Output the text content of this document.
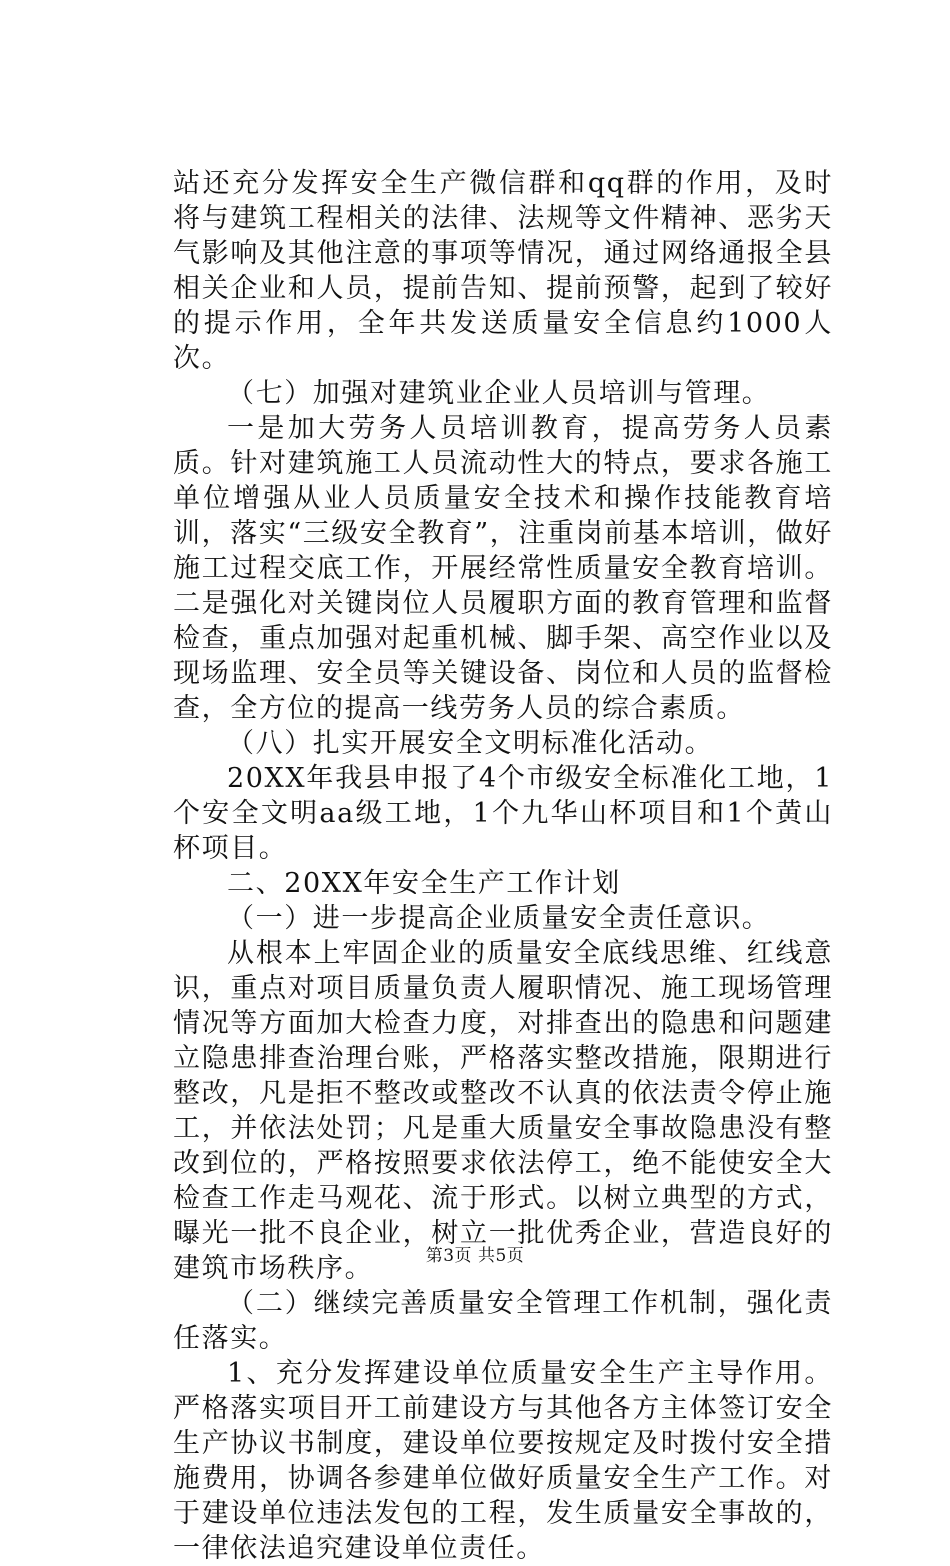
站还充分发挥安全生产微信群和qq群的作用，及时将与建筑工程相关的法律、法规等文件精神、恶劣天气影响及其他注意的事项等情况，通过网络通报全县相关企业和人员，提前告知、提前预警，起到了较好的提示作用，全年共发送质量安全信息约1000人次。

（七）加强对建筑业企业人员培训与管理。

一是加大劳务人员培训教育，提高劳务人员素质。针对建筑施工人员流动性大的特点，要求各施工单位增强从业人员质量安全技术和操作技能教育培训，落实“三级安全教育”，注重岗前基本培训，做好施工过程交底工作，开展经常性质量安全教育培训。二是强化对关键岗位人员履职方面的教育管理和监督检查，重点加强对起重机械、脚手架、高空作业以及现场监理、安全员等关键设备、岗位和人员的监督检查，全方位的提高一线劳务人员的综合素质。

（八）扎实开展安全文明标准化活动。

20XX年我县申报了4个市级安全标准化工地，1个安全文明aa级工地，1个九华山杯项目和1个黄山杯项目。

二、20XX年安全生产工作计划

（一）进一步提高企业质量安全责任意识。

从根本上牢固企业的质量安全底线思维、红线意识，重点对项目质量负责人履职情况、施工现场管理情况等方面加大检查力度，对排查出的隐患和问题建立隐患排查治理台账，严格落实整改措施，限期进行整改，凡是拒不整改或整改不认真的依法责令停止施工，并依法处罚；凡是重大质量安全事故隐患没有整改到位的，严格按照要求依法停工，绝不能使安全大检查工作走马观花、流于形式。以树立典型的方式，曝光一批不良企业，树立一批优秀企业，营造良好的建筑市场秩序。

（二）继续完善质量安全管理工作机制，强化责任落实。

1、充分发挥建设单位质量安全生产主导作用。严格落实项目开工前建设方与其他各方主体签订安全生产协议书制度，建设单位要按规定及时拨付安全措施费用，协调各参建单位做好质量安全生产工作。对于建设单位违法发包的工程，发生质量安全事故的，一律依法追究建设单位责任。

第3页 共5页
